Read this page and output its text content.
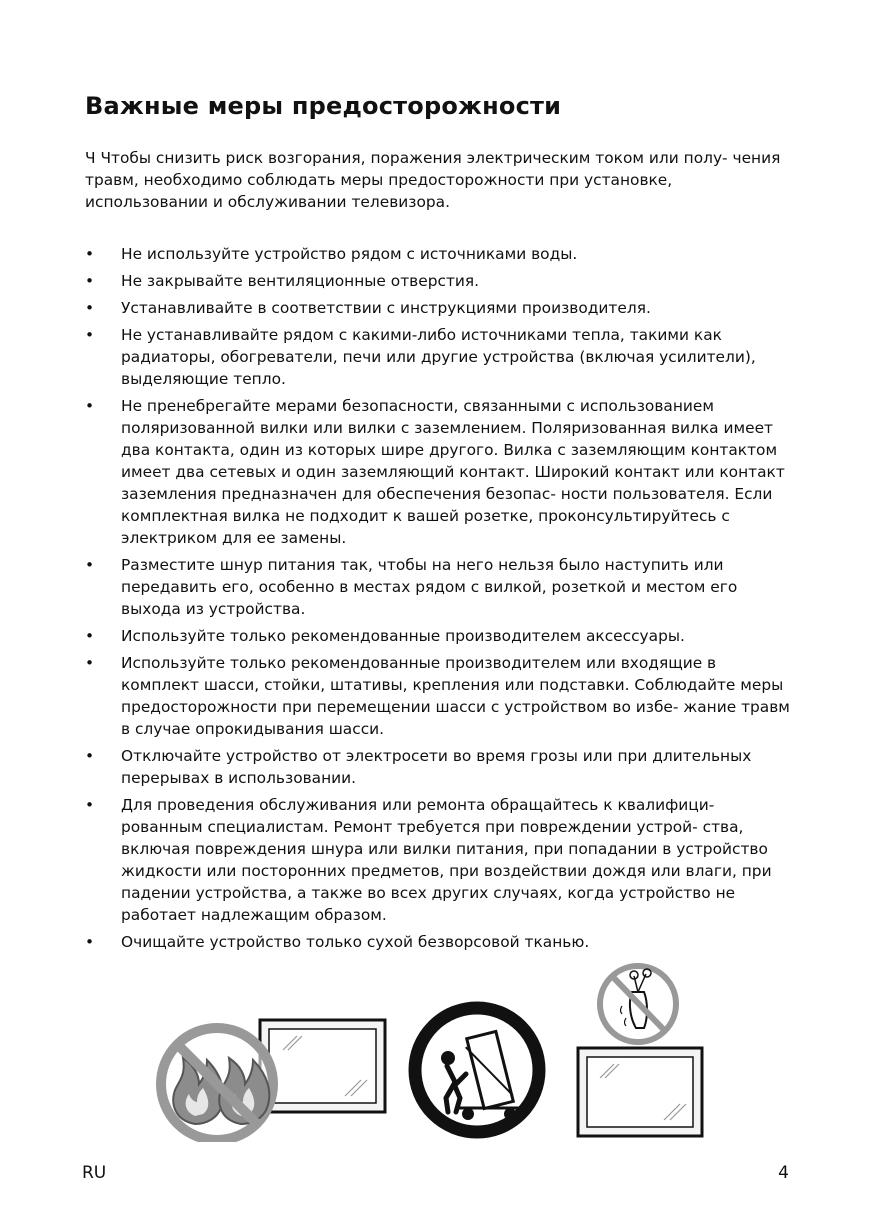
Важные меры предосторожности

Ч Чтобы снизить риск возгорания, поражения электрическим током или полу- чения травм, необходимо соблюдать меры предосторожности при установке, использовании и обслуживании телевизора.

• Не используйте устройство рядом с источниками воды.
• Не закрывайте вентиляционные отверстия.
• Устанавливайте в соответствии с инструкциями производителя.
• Не устанавливайте рядом с какими-либо источниками тепла, такими как радиаторы, обогреватели, печи или другие устройства (включая усилители), выделяющие тепло.
• Не пренебрегайте мерами безопасности, связанными с использованием поляризованной вилки или вилки с заземлением. Поляризованная вилка имеет два контакта, один из которых шире другого. Вилка с заземляющим контактом имеет два сетевых и один заземляющий контакт. Широкий контакт или контакт заземления предназначен для обеспечения безопас- ности пользователя. Если комплектная вилка не подходит к вашей розетке, проконсультируйтесь с электриком для ее замены.
• Разместите шнур питания так, чтобы на него нельзя было наступить или передавить его, особенно в местах рядом с вилкой, розеткой и местом его выхода из устройства.
• Используйте только рекомендованные производителем аксессуары.
• Используйте только рекомендованные производителем или входящие в комплект шасси, стойки, штативы, крепления или подставки. Соблюдайте меры предосторожности при перемещении шасси с устройством во избе- жание травм в случае опрокидывания шасси.
• Отключайте устройство от электросети во время грозы или при длительных перерывах в использовании.
• Для проведения обслуживания или ремонта обращайтесь к квалифици- рованным специалистам. Ремонт требуется при повреждении устрой- ства, включая повреждения шнура или вилки питания, при попадании в устройство жидкости или посторонних предметов, при воздействии дождя или влаги, при падении устройства, а также во всех других случаях, когда устройство не работает надлежащим образом.
• Очищайте устройство только сухой безворсовой тканью.
RU	4
